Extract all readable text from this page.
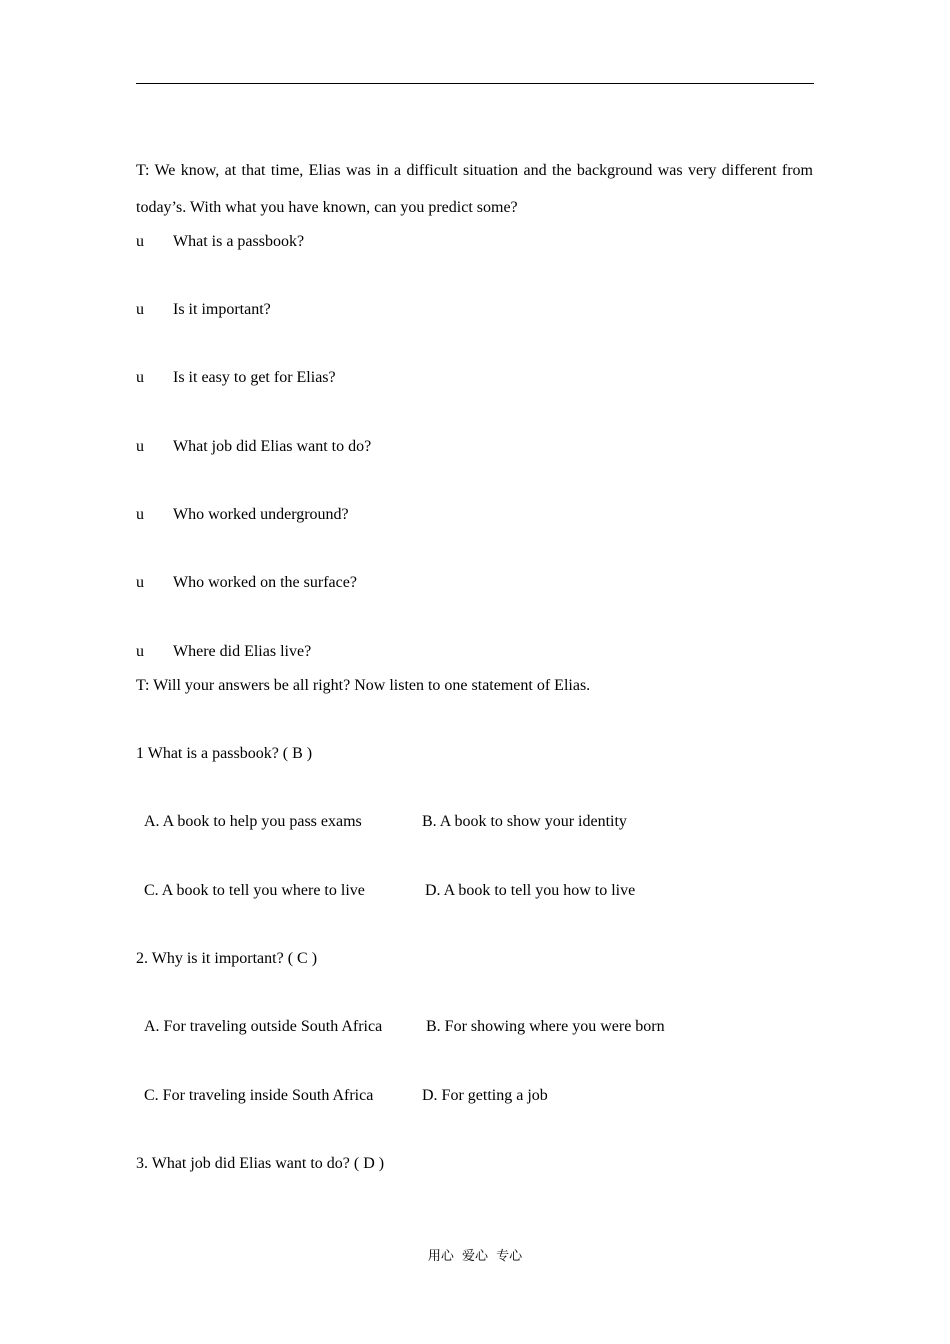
T: We know, at that time, Elias was in a difficult situation and the background was very different from today’s. With what you have known, can you predict some?

u What is a passbook?
u Is it important?
u Is it easy to get for Elias?
u What job did Elias want to do?
u Who worked underground?
u Who worked on the surface?
u Where did Elias live?

T: Will your answers be all right? Now listen to one statement of Elias.

1 What is a passbook? ( B )

A. A book to help you pass exams	B. A book to show your identity
C. A book to tell you where to live	D. A book to tell you how to live

2. Why is it important? ( C )

A. For traveling outside South Africa	B. For showing where you were born
C. For traveling inside South Africa	D. For getting a job

3. What job did Elias want to do? ( D )

用心 爱心 专心
